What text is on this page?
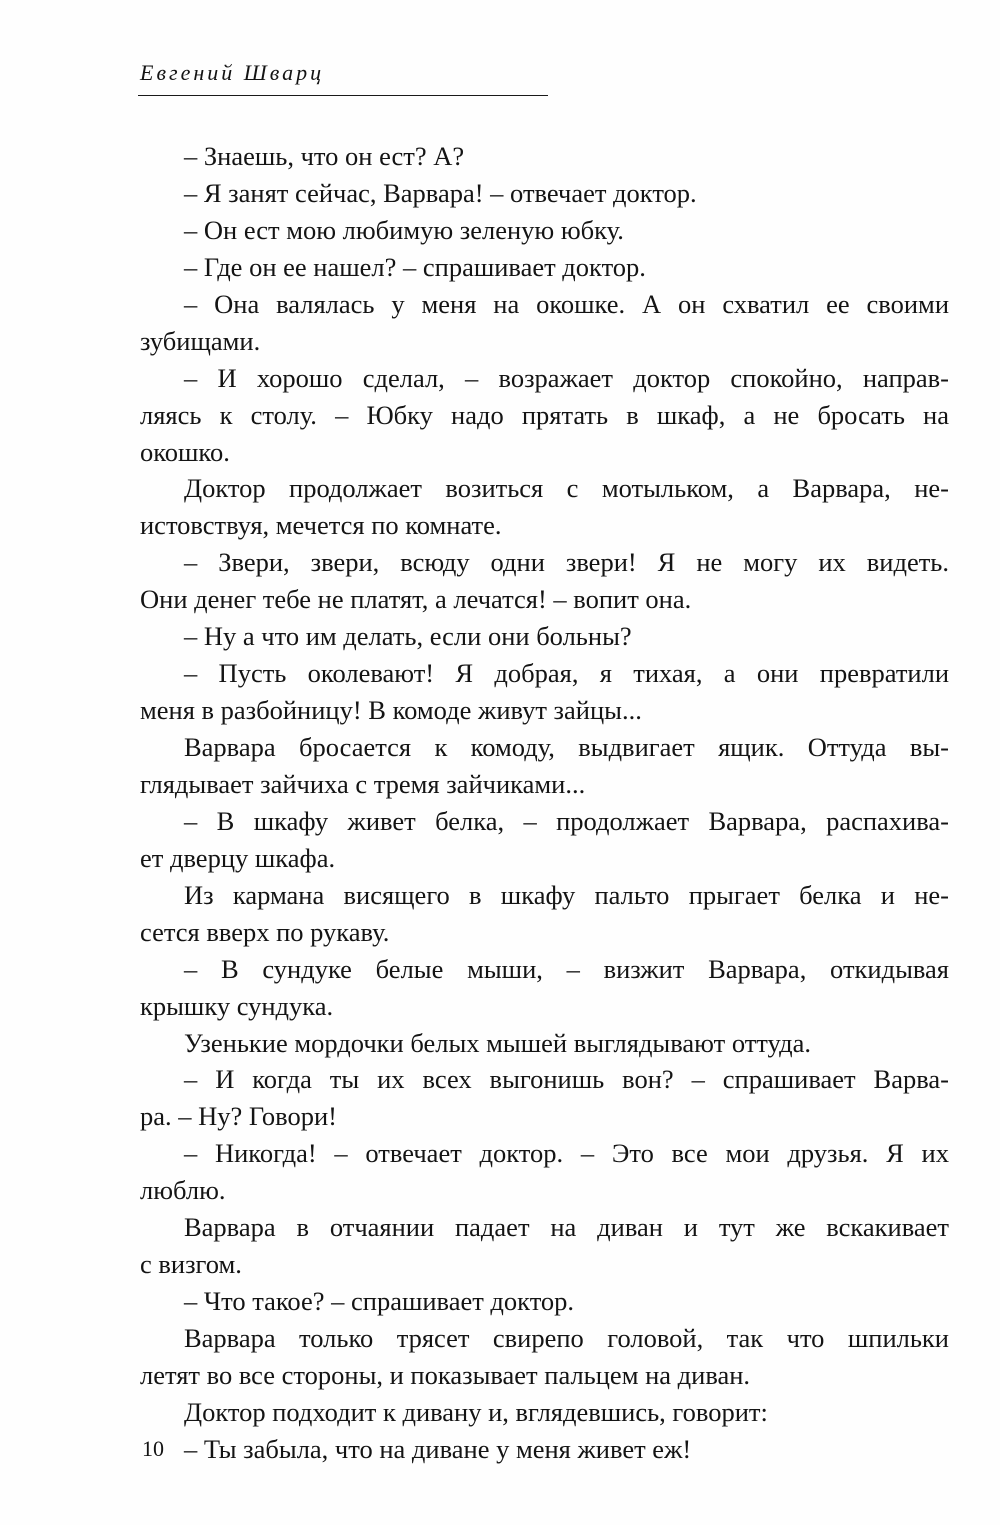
Евгений Шварц
– Знаешь, что он ест? А?
– Я занят сейчас, Варвара! – отвечает доктор.
– Он ест мою любимую зеленую юбку.
– Где он ее нашел? – спрашивает доктор.
– Она валялась у меня на окошке. А он схватил ее своими
зубищами.
– И хорошо сделал, – возражает доктор спокойно, направ-
ляясь к столу. – Юбку надо прятать в шкаф, а не бросать на
окошко.
Доктор продолжает возиться с мотыльком, а Варвара, не-
истовствуя, мечется по комнате.
– Звери, звери, всюду одни звери! Я не могу их видеть.
Они денег тебе не платят, а лечатся! – вопит она.
– Ну а что им делать, если они больны?
– Пусть околевают! Я добрая, я тихая, а они превратили
меня в разбойницу! В комоде живут зайцы...
Варвара бросается к комоду, выдвигает ящик. Оттуда вы-
глядывает зайчиха с тремя зайчиками...
– В шкафу живет белка, – продолжает Варвара, распахива-
ет дверцу шкафа.
Из кармана висящего в шкафу пальто прыгает белка и не-
сется вверх по рукаву.
– В сундуке белые мыши, – визжит Варвара, откидывая
крышку сундука.
Узенькие мордочки белых мышей выглядывают оттуда.
– И когда ты их всех выгонишь вон? – спрашивает Варва-
ра. – Ну? Говори!
– Никогда! – отвечает доктор. – Это все мои друзья. Я их
люблю.
Варвара в отчаянии падает на диван и тут же вскакивает
с визгом.
– Что такое? – спрашивает доктор.
Варвара только трясет свирепо головой, так что шпильки
летят во все стороны, и показывает пальцем на диван.
Доктор подходит к дивану и, вглядевшись, говорит:
– Ты забыла, что на диване у меня живет еж!
10
